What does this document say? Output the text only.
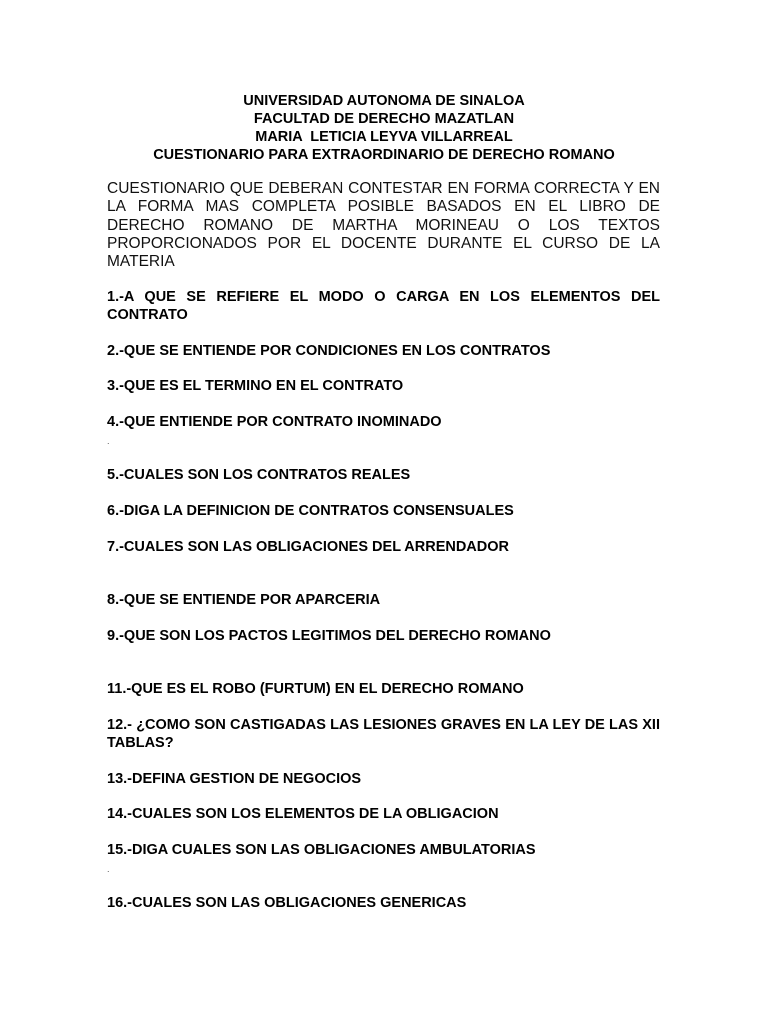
UNIVERSIDAD AUTONOMA DE SINALOA
FACULTAD DE DERECHO MAZATLAN
MARIA  LETICIA LEYVA VILLARREAL
CUESTIONARIO PARA EXTRAORDINARIO DE DERECHO ROMANO
CUESTIONARIO QUE DEBERAN CONTESTAR EN FORMA CORRECTA Y EN LA FORMA MAS COMPLETA POSIBLE BASADOS EN EL LIBRO DE DERECHO ROMANO DE MARTHA MORINEAU O LOS TEXTOS PROPORCIONADOS POR EL DOCENTE DURANTE EL CURSO DE LA MATERIA
1.-A QUE SE REFIERE EL MODO O CARGA EN LOS ELEMENTOS DEL CONTRATO
2.-QUE SE ENTIENDE POR CONDICIONES EN LOS CONTRATOS
3.-QUE ES EL TERMINO EN EL CONTRATO
4.-QUE ENTIENDE POR CONTRATO INOMINADO
.
5.-CUALES SON LOS CONTRATOS REALES
6.-DIGA LA DEFINICION DE CONTRATOS CONSENSUALES
7.-CUALES SON LAS OBLIGACIONES DEL ARRENDADOR
8.-QUE SE ENTIENDE POR APARCERIA
9.-QUE SON LOS PACTOS LEGITIMOS DEL DERECHO ROMANO
11.-QUE ES EL ROBO (FURTUM) EN EL DERECHO ROMANO
12.- ¿COMO SON CASTIGADAS LAS LESIONES GRAVES EN LA LEY DE LAS XII TABLAS?
13.-DEFINA GESTION DE NEGOCIOS
14.-CUALES SON LOS ELEMENTOS DE LA OBLIGACION
15.-DIGA CUALES SON LAS OBLIGACIONES AMBULATORIAS
.
16.-CUALES SON LAS OBLIGACIONES GENERICAS
